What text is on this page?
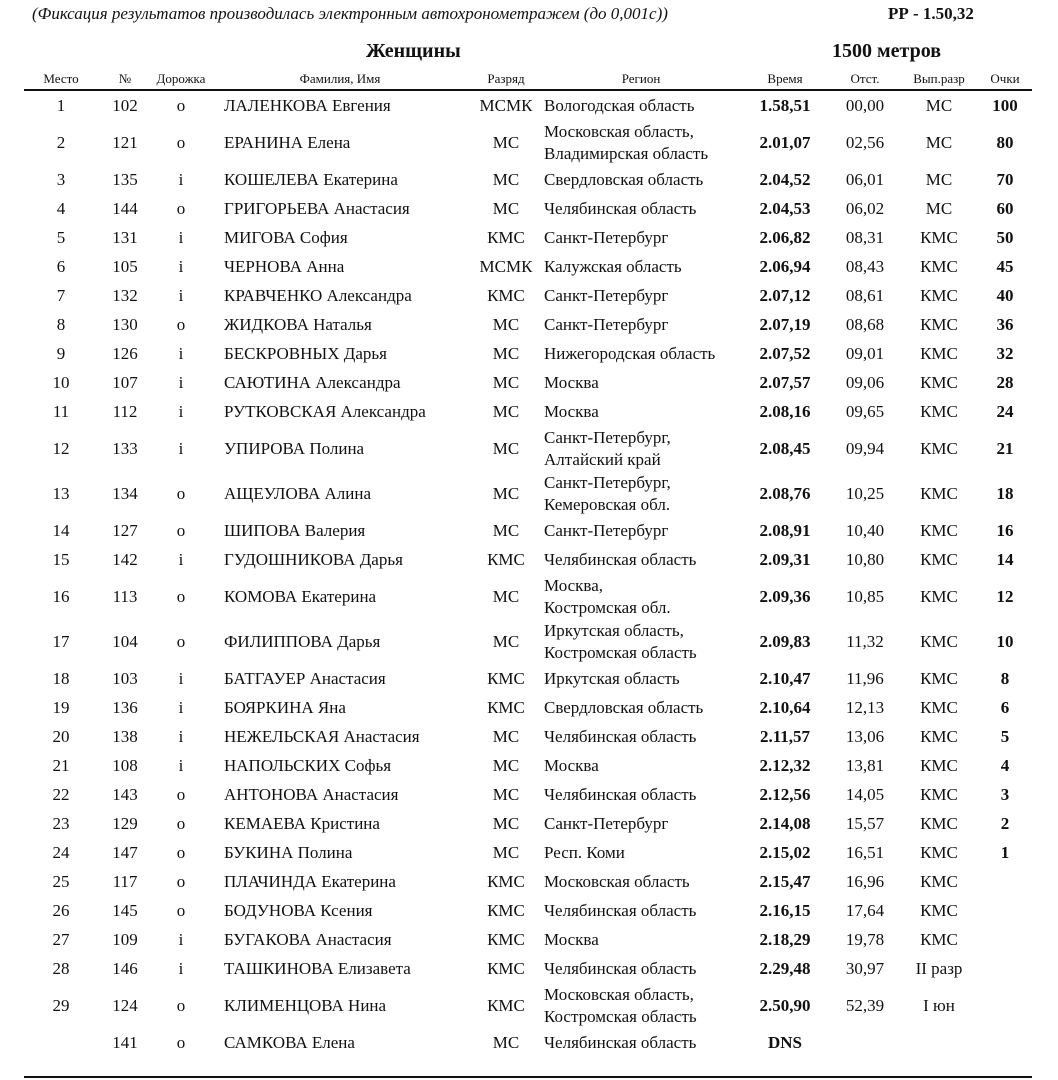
(Фиксация результатов производилась электронным автохронометражем (до 0,001с))	РР - 1.50,32
Женщины	1500 метров
Место	№	Дорожка	Фамилия, Имя	Разряд	Регион	Время	Отст.	Вып.разр	Очки
1	102	o	ЛАЛЕНКОВА Евгения	МСМК	Вологодская область	1.58,51	00,00	МС	100
2	121	o	ЕРАНИНА Елена	МС	Московская область,
Владимирская область	2.01,07	02,56	МС	80
3	135	i	КОШЕЛЕВА Екатерина	МС	Свердловская область	2.04,52	06,01	МС	70
4	144	o	ГРИГОРЬЕВА Анастасия	МС	Челябинская область	2.04,53	06,02	МС	60
5	131	i	МИГОВА София	КМС	Санкт-Петербург	2.06,82	08,31	КМС	50
6	105	i	ЧЕРНОВА Анна	МСМК	Калужская область	2.06,94	08,43	КМС	45
7	132	i	КРАВЧЕНКО Александра	КМС	Санкт-Петербург	2.07,12	08,61	КМС	40
8	130	o	ЖИДКОВА Наталья	МС	Санкт-Петербург	2.07,19	08,68	КМС	36
9	126	i	БЕСКРОВНЫХ Дарья	МС	Нижегородская область	2.07,52	09,01	КМС	32
10	107	i	САЮТИНА Александра	МС	Москва	2.07,57	09,06	КМС	28
11	112	i	РУТКОВСКАЯ Александра	МС	Москва	2.08,16	09,65	КМС	24
12	133	i	УПИРОВА Полина	МС	Санкт-Петербург,
Алтайский край	2.08,45	09,94	КМС	21
13	134	o	АЩЕУЛОВА Алина	МС	Санкт-Петербург,
Кемеровская обл.	2.08,76	10,25	КМС	18
14	127	o	ШИПОВА Валерия	МС	Санкт-Петербург	2.08,91	10,40	КМС	16
15	142	i	ГУДОШНИКОВА Дарья	КМС	Челябинская область	2.09,31	10,80	КМС	14
16	113	o	КОМОВА Екатерина	МС	Москва,
Костромская обл.	2.09,36	10,85	КМС	12
17	104	o	ФИЛИППОВА Дарья	МС	Иркутская область,
Костромская область	2.09,83	11,32	КМС	10
18	103	i	БАТГАУЕР Анастасия	КМС	Иркутская область	2.10,47	11,96	КМС	8
19	136	i	БОЯРКИНА Яна	КМС	Свердловская область	2.10,64	12,13	КМС	6
20	138	i	НЕЖЕЛЬСКАЯ Анастасия	МС	Челябинская область	2.11,57	13,06	КМС	5
21	108	i	НАПОЛЬСКИХ Софья	МС	Москва	2.12,32	13,81	КМС	4
22	143	o	АНТОНОВА Анастасия	МС	Челябинская область	2.12,56	14,05	КМС	3
23	129	o	КЕМАЕВА Кристина	МС	Санкт-Петербург	2.14,08	15,57	КМС	2
24	147	o	БУКИНА Полина	МС	Респ. Коми	2.15,02	16,51	КМС	1
25	117	o	ПЛАЧИНДА Екатерина	КМС	Московская область	2.15,47	16,96	КМС	
26	145	o	БОДУНОВА Ксения	КМС	Челябинская область	2.16,15	17,64	КМС	
27	109	i	БУГАКОВА Анастасия	КМС	Москва	2.18,29	19,78	КМС	
28	146	i	ТАШКИНОВА Елизавета	КМС	Челябинская область	2.29,48	30,97	II разр	
29	124	o	КЛИМЕНЦОВА Нина	КМС	Московская область,
Костромская область	2.50,90	52,39	I юн	
	141	o	САМКОВА Елена	МС	Челябинская область	DNS			
